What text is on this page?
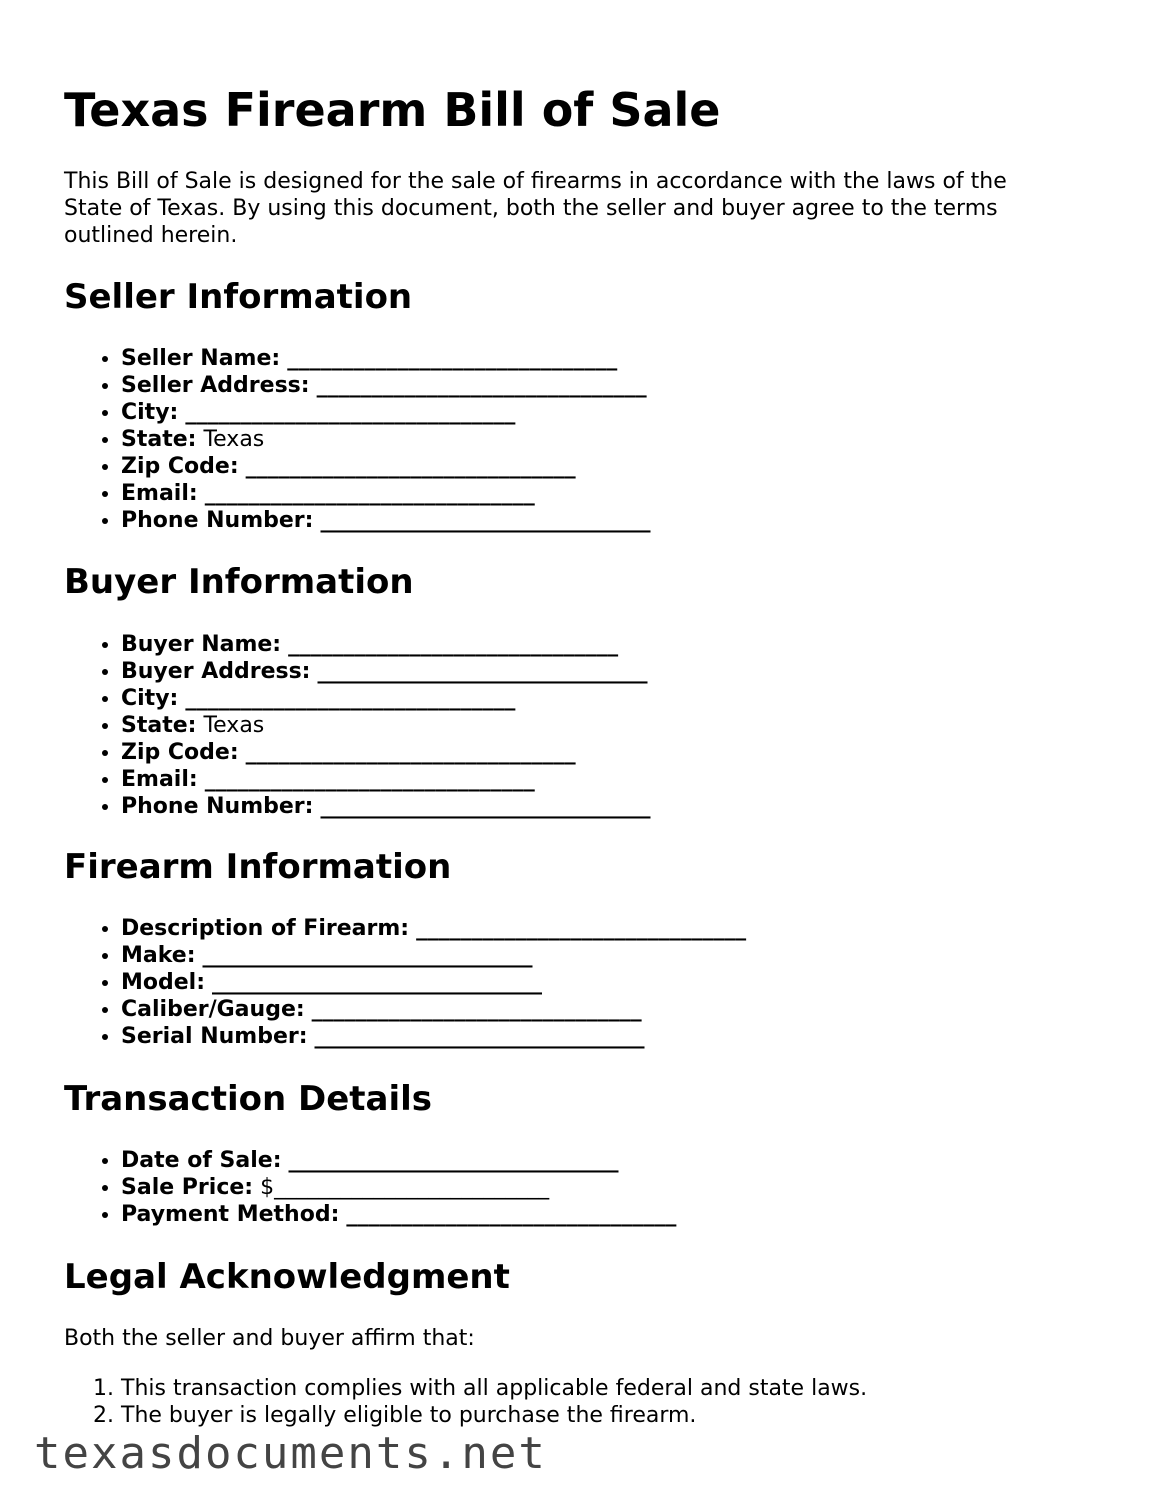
Texas Firearm Bill of Sale

This Bill of Sale is designed for the sale of firearms in accordance with the laws of the State of Texas. By using this document, both the seller and buyer agree to the terms outlined herein.

Seller Information
• Seller Name: ______________________________
• Seller Address: ______________________________
• City: ______________________________
• State: Texas
• Zip Code: ______________________________
• Email: ______________________________
• Phone Number: ______________________________
Buyer Information
• Buyer Name: ______________________________
• Buyer Address: ______________________________
• City: ______________________________
• State: Texas
• Zip Code: ______________________________
• Email: ______________________________
• Phone Number: ______________________________
Firearm Information
• Description of Firearm: ______________________________
• Make: ______________________________
• Model: ______________________________
• Caliber/Gauge: ______________________________
• Serial Number: ______________________________
Transaction Details
• Date of Sale: ______________________________
• Sale Price: $_________________________
• Payment Method: ______________________________
Legal Acknowledgment

Both the seller and buyer affirm that:

1. This transaction complies with all applicable federal and state laws.
2. The buyer is legally eligible to purchase the firearm.
texasdocuments.net
